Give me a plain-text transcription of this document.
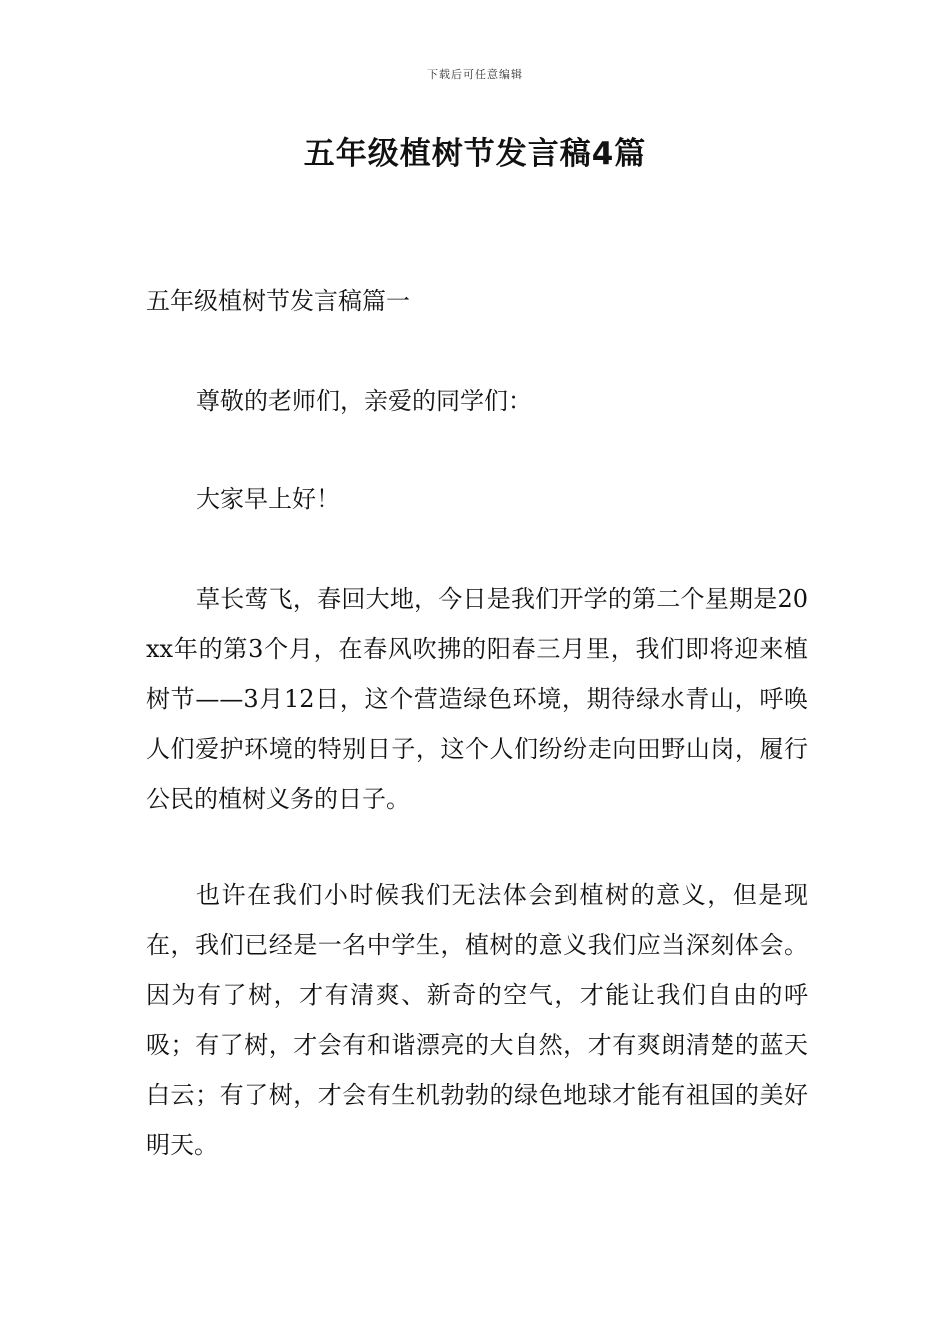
下载后可任意编辑
五年级植树节发言稿4篇
五年级植树节发言稿篇一

尊敬的老师们，亲爱的同学们：

大家早上好！

草长莺飞，春回大地，今日是我们开学的第二个星期是20xx年的第3个月，在春风吹拂的阳春三月里，我们即将迎来植树节——3月12日，这个营造绿色环境，期待绿水青山，呼唤人们爱护环境的特别日子，这个人们纷纷走向田野山岗，履行公民的植树义务的日子。

也许在我们小时候我们无法体会到植树的意义，但是现在，我们已经是一名中学生，植树的意义我们应当深刻体会。因为有了树，才有清爽、新奇的空气，才能让我们自由的呼吸；有了树，才会有和谐漂亮的大自然，才有爽朗清楚的蓝天白云；有了树，才会有生机勃勃的绿色地球才能有祖国的美好明天。
